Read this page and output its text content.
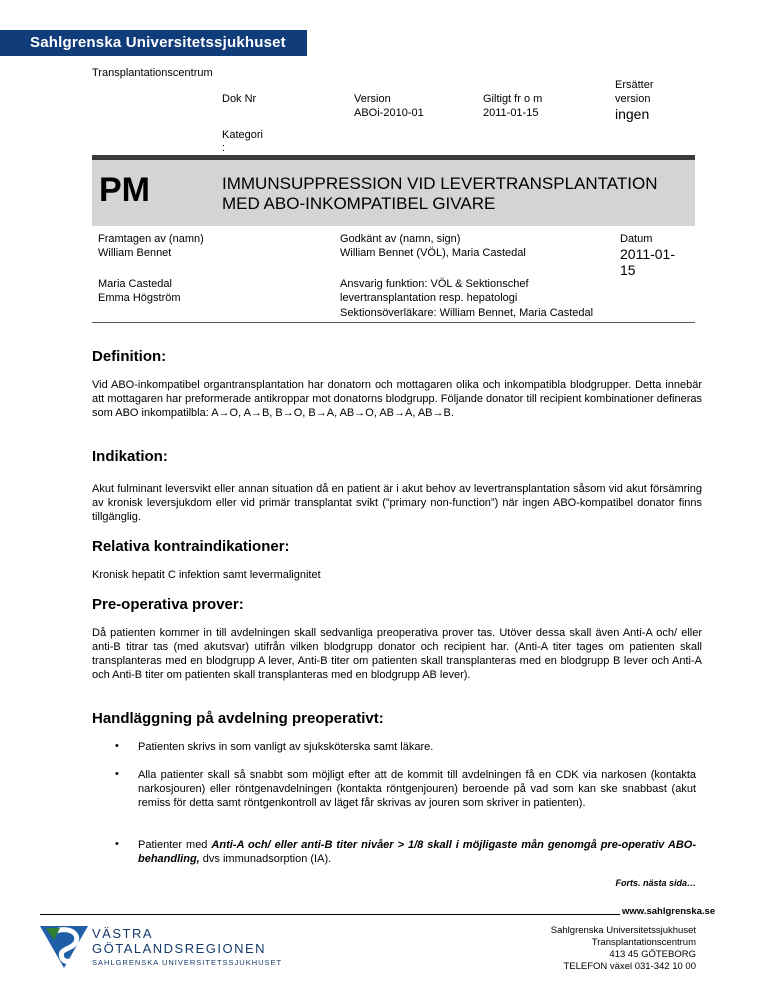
Sahlgrenska Universitetssjukhuset
Transplantationscentrum
Dok Nr	Version
ABOi-2010-01
Giltigt fr o m
2011-01-15
Ersätter
version
ingen
Kategori
:
PM	IMMUNSUPPRESSION VID LEVERTRANSPLANTATION
MED ABO-INKOMPATIBEL GIVARE
Framtagen av (namn)
William Bennet
Maria Castedal
Emma Högström
Godkänt av (namn, sign)
William Bennet (VÖL), Maria Castedal
Datum
2011-01-
15
Ansvarig funktion: VÖL & Sektionschef
levertransplantation resp. hepatologi
Sektionsöverläkare: William Bennet, Maria Castedal
Definition:
Vid ABO-inkompatibel organtransplantation har donatorn och mottagaren olika och inkompatibla blodgrupper. Detta innebär att mottagaren har preformerade antikroppar mot donatorns blodgrupp. Följande donator till recipient kombinationer defineras som ABO inkompatilbla: A→O, A→B, B→O, B→A, AB→O, AB→A, AB→B.
Indikation:
Akut fulminant leversvikt eller annan situation då en patient är i akut behov av levertransplantation såsom vid akut försämring av kronisk leversjukdom eller vid primär transplantat svikt (”primary non-function”) när ingen ABO-kompatibel donator finns tillgänglig.
Relativa kontraindikationer:
Kronisk hepatit C infektion samt levermalignitet
Pre-operativa prover:
Då patienten kommer in till avdelningen skall sedvanliga preoperativa prover tas. Utöver dessa skall även Anti-A och/ eller anti-B titrar tas (med akutsvar) utifrån vilken blodgrupp donator och recipient har. (Anti-A titer tages om patienten skall transplanteras med en blodgrupp A lever, Anti-B titer om patienten skall transplanteras med en blodgrupp B lever och Anti-A och Anti-B titer om patienten skall transplanteras med en blodgrupp AB lever).
Handläggning på avdelning preoperativt:
• Patienten skrivs in som vanligt av sjuksköterska samt läkare.
• Alla patienter skall så snabbt som möjligt efter att de kommit till avdelningen få en CDK via narkosen (kontakta narkosjouren) eller röntgenavdelningen (kontakta röntgenjouren) beroende på vad som kan ske snabbast (akut remiss för detta samt röntgenkontroll av läget får skrivas av jouren som skriver in patienten).
• Patienter med Anti-A och/ eller anti-B titer nivåer > 1/8 skall i möjligaste mån genomgå pre-operativ ABO-behandling, dvs immunadsorption (IA).
Forts. nästa sida…
www.sahlgrenska.se
VÄSTRA
GÖTALANDSREGIONEN
SAHLGRENSKA UNIVERSITETSSJUKHUSET
Sahlgrenska Universitetssjukhuset
Transplantationscentrum
413 45 GÖTEBORG
TELEFON växel 031-342 10 00
